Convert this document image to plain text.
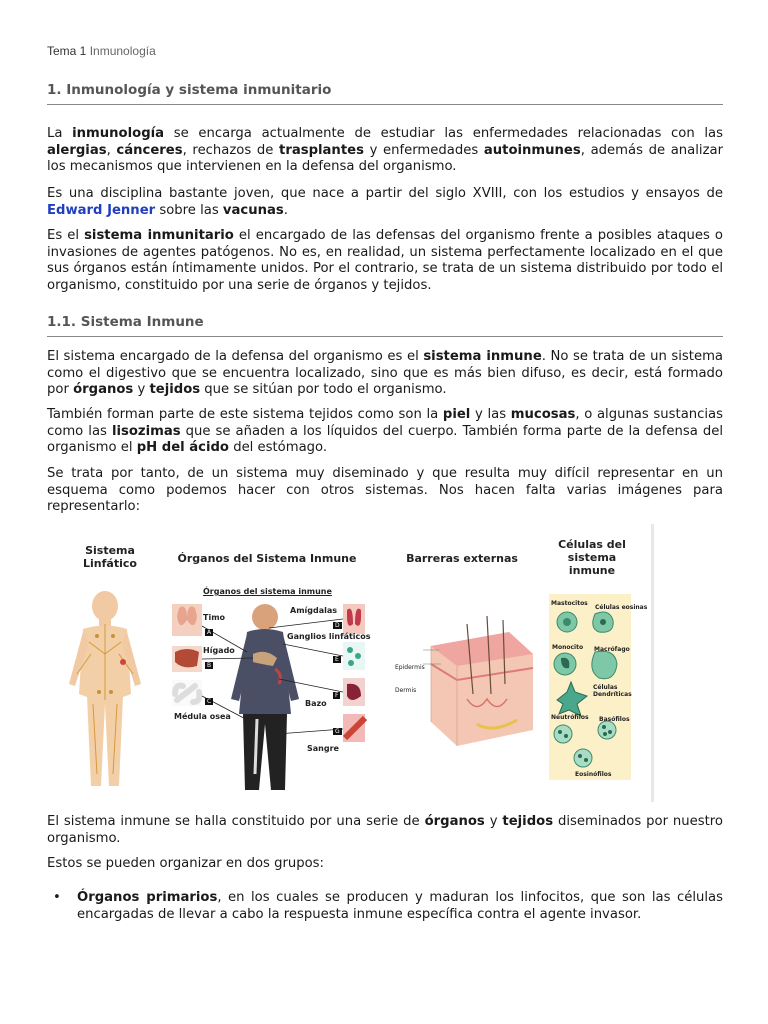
Tema 1 Inmunología
1. Inmunología y sistema inmunitario

La inmunología se encarga actualmente de estudiar las enfermedades relacionadas con las alergias, cánceres, rechazos de trasplantes y enfermedades autoinmunes, además de analizar los mecanismos que intervienen en la defensa del organismo.

Es una disciplina bastante joven, que nace a partir del siglo XVIII, con los estudios y ensayos de Edward Jenner sobre las vacunas.

Es el sistema inmunitario el encargado de las defensas del organismo frente a posibles ataques o invasiones de agentes patógenos. No es, en realidad, un sistema perfectamente localizado en el que sus órganos están íntimamente unidos. Por el contrario, se trata de un sistema distribuido por todo el organismo, constituido por una serie de órganos y tejidos.

1.1. Sistema Inmune

El sistema encargado de la defensa del organismo es el sistema inmune. No se trata de un sistema como el digestivo que se encuentra localizado, sino que es más bien difuso, es decir, está formado por órganos y tejidos que se sitúan por todo el organismo.

También forman parte de este sistema tejidos como son la piel y las mucosas, o algunas sustancias como las lisozimas que se añaden a los líquidos del cuerpo. También forma parte de la defensa del organismo el pH del ácido del estómago.

Se trata por tanto, de un sistema muy diseminado y que resulta muy difícil representar en un esquema como podemos hacer con otros sistemas. Nos hacen falta varias imágenes para representarlo:

Sistema
Linfático	Órganos del Sistema Inmune	Barreras externas
Células del
sistema
inmune
Órganos del sistema inmune
Timo
Hígado
Médula osea
Amígdalas
Ganglios linfáticos
Bazo
Sangre
Epidermis
Dermis
Mastocitos
Células eosinas
Monocito Macrófago
Células Dendríticas
Neutrófilos Basófilos
Eosinófilos
A
B
C
D
E
F
G

El sistema inmune se halla constituido por una serie de órganos y tejidos diseminados por nuestro organismo.

Estos se pueden organizar en dos grupos:

• Órganos primarios, en los cuales se producen y maduran los linfocitos, que son las células encargadas de llevar a cabo la respuesta inmune específica contra el agente invasor.
